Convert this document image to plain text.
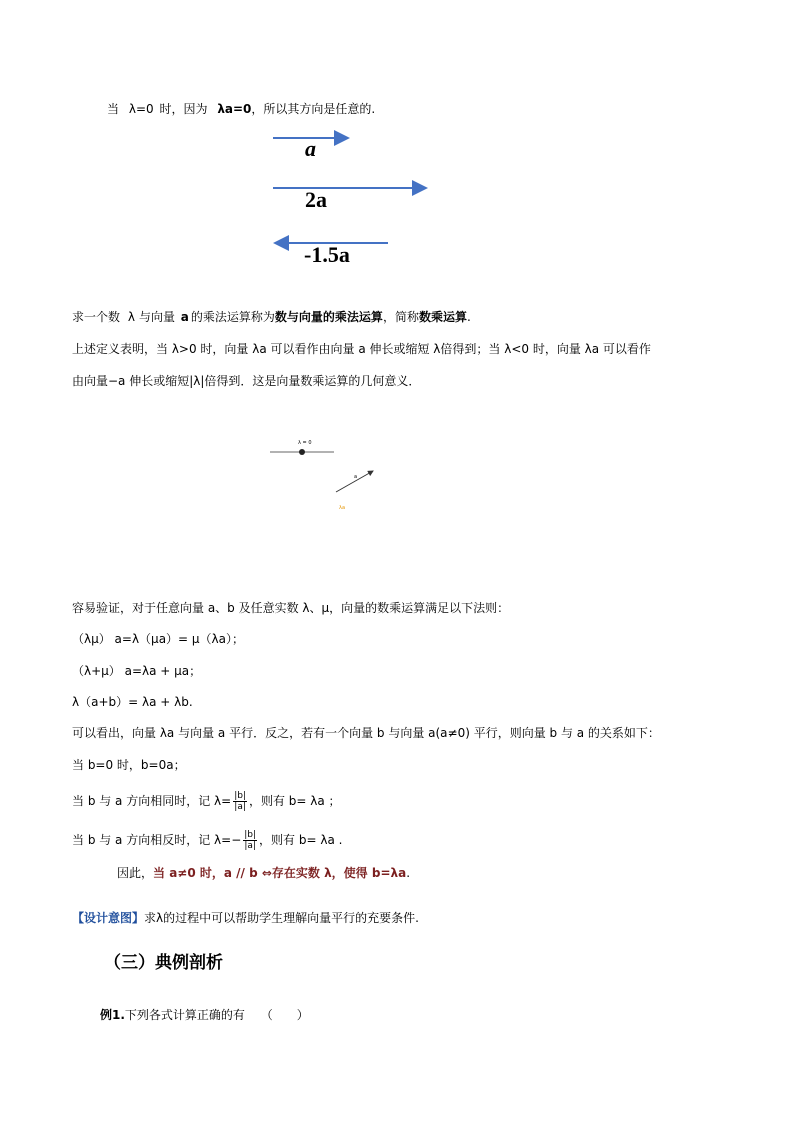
当 λ=0 时，因为 λa=0，所以其方向是任意的.
a
2a
-1.5a
求一个数 λ 与向量 a 的乘法运算称为数与向量的乘法运算，简称数乘运算.
上述定义表明，当 λ>0 时，向量 λa 可以看作由向量 a 伸长或缩短 λ倍得到；当 λ<0 时，向量 λa 可以看作
由向量−a 伸长或缩短|λ|倍得到．这是向量数乘运算的几何意义．
λ = 0
a
λa
容易验证，对于任意向量 a、b 及任意实数 λ、μ，向量的数乘运算满足以下法则：
（λμ） a=λ（μa）= μ（λa）；
（λ+μ） a=λa + μa；
λ（a+b）= λa + λb.
可以看出，向量 λa 与向量 a 平行．反之，若有一个向量 b 与向量 a(a≠0) 平行，则向量 b 与 a 的关系如下：
当 b=0 时，b=0a；
当 b 与 a 方向相同时，记 $\lambda= \frac{|b|}{|a|}$ ，则有 b= λa ；
当 b 与 a 方向相反时，记 $\lambda=- \frac{|b|}{|a|}$ ，则有 b= λa .
因此，当 a≠0 时，a // b ⇔存在实数 λ，使得 b=λa.
【设计意图】求λ的过程中可以帮助学生理解向量平行的充要条件.
（三）典例剖析
例1.下列各式计算正确的有 （　　）
